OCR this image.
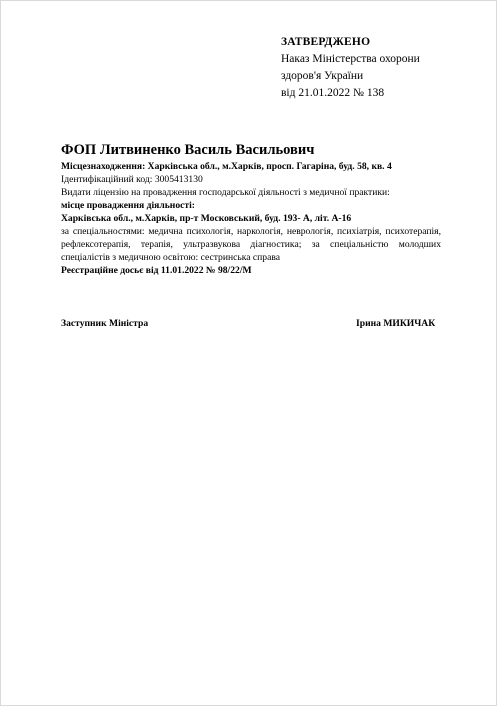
ЗАТВЕРДЖЕНО
Наказ Міністерства охорони
здоров'я України
від 21.01.2022 № 138
ФОП Литвиненко Василь Васильович
Місцезнаходження: Харківська обл., м.Харків, просп. Гагаріна, буд. 58, кв. 4
Ідентифікаційний код: 3005413130
Видати ліцензію на провадження господарської діяльності з медичної практики:
місце провадження діяльності:
Харківська обл., м.Харків, пр-т Московський, буд. 193- А, літ. А-16
за спеціальностями: медична психологія, наркологія, неврологія, психіатрія, психотерапія, рефлексотерапія, терапія, ультразвукова діагностика; за спеціальністю молодших спеціалістів з медичною освітою: сестринська справа
Реєстраційне досьє від 11.01.2022 № 98/22/М
Заступник Міністра	Ірина МИКИЧАК
